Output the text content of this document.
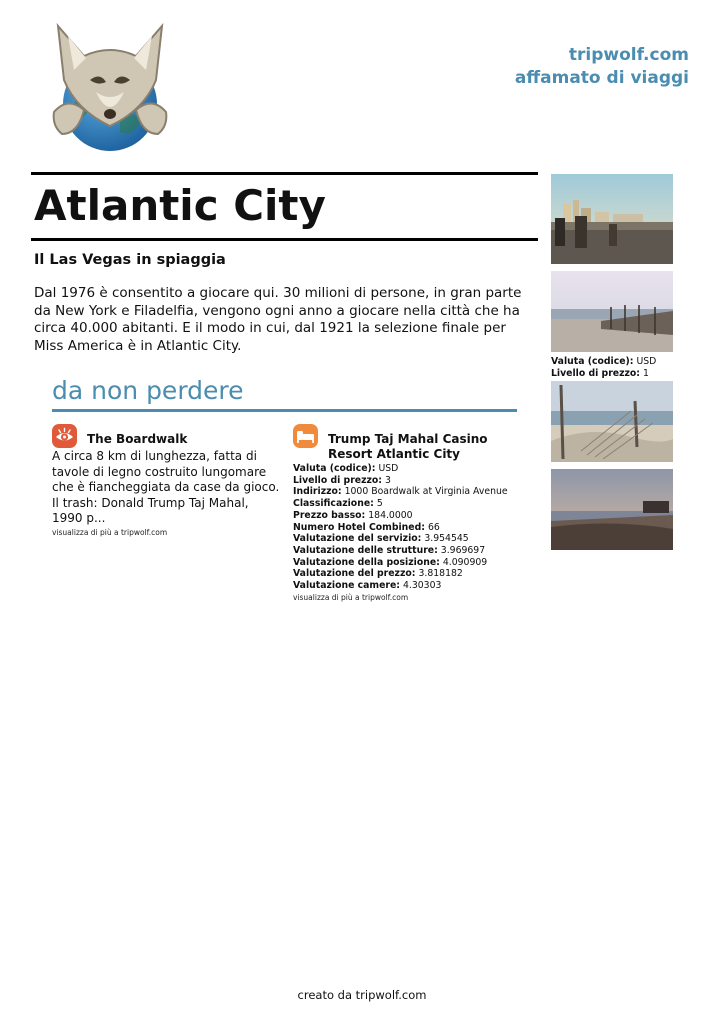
tripwolf.com
affamato di viaggi
Atlantic City
Il Las Vegas in spiaggia

Dal 1976 è consentito a giocare qui. 30 milioni di persone, in gran parte da New York e Filadelfia, vengono ogni anno a giocare nella città che ha circa 40.000 abitanti. E il modo in cui, dal 1921 la selezione finale per Miss America è in Atlantic City.

da non perdere
The Boardwalk

A circa 8 km di lunghezza, fatta di tavole di legno costruito lungomare che è fiancheggiata da case da gioco. Il trash: Donald Trump Taj Mahal, 1990 p...

visualizza di più a tripwolf.com
Trump Taj Mahal Casino Resort Atlantic City
Valuta (codice): USD
Livello di prezzo: 3
Indirizzo: 1000 Boardwalk at Virginia Avenue
Classificazione: 5
Prezzo basso: 184.0000
Numero Hotel Combined: 66
Valutazione del servizio: 3.954545
Valutazione delle strutture: 3.969697
Valutazione della posizione: 4.090909
Valutazione del prezzo: 3.818182
Valutazione camere: 4.30303
visualizza di più a tripwolf.com
Valuta (codice): USD
Livello di prezzo: 1
creato da tripwolf.com
